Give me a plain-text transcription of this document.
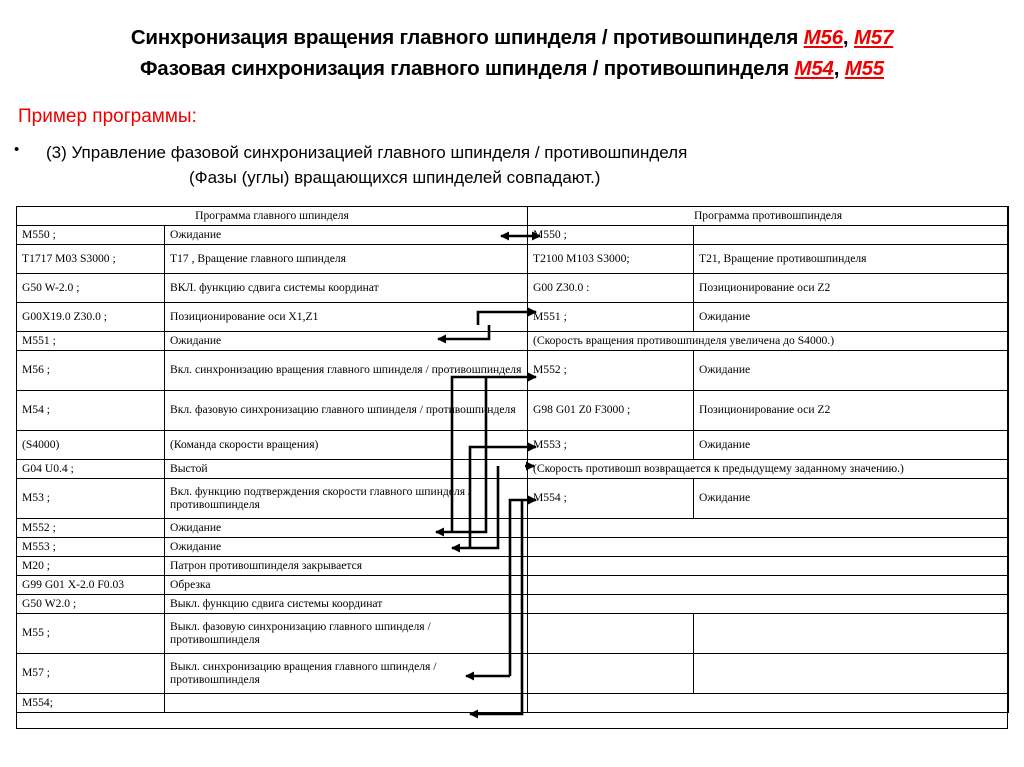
Синхронизация вращения главного шпинделя / противошпинделя M56, M57
Фазовая синхронизация главного шпинделя / противошпинделя M54, M55
Пример программы:
• (3) Управление фазовой синхронизацией главного шпинделя / противошпинделя
(Фазы (углы) вращающихся шпинделей совпадают.)
Программа главного шпинделя		Программа противошпинделя	
M550 ;	Ожидание	M550 ;	
T1717 M03 S3000 ;	T17 , Вращение главного шпинделя	T2100 M103 S3000;	T21, Вращение противошпинделя
G50 W-2.0 ;	ВКЛ. функцию сдвига системы координат	G00 Z30.0 :	Позиционирование оси Z2
G00X19.0 Z30.0 ;	Позиционирование оси X1,Z1	M551 ;	Ожидание
M551 ;	Ожидание	(Скорость вращения противошпинделя увеличена до S4000.)	
M56 ;	Вкл. синхронизацию вращения главного шпинделя / противошпинделя	M552 ;	Ожидание
M54 ;	Вкл. фазовую синхронизацию главного шпинделя / противошпинделя	G98 G01 Z0 F3000 ;	Позиционирование оси Z2
(S4000)	(Команда скорости вращения)	M553 ;	Ожидание
G04 U0.4 ;	Выстой	(Скорость противошп возвращается к предыдущему заданному значению.)	
M53 ;	Вкл. функцию подтверждения скорости главного шпинделя / противошпинделя	M554 ;	Ожидание
M552 ;	Ожидание		
M553 ;	Ожидание		
M20 ;	Патрон противошпинделя закрывается		
G99 G01 X-2.0 F0.03	Обрезка		
G50 W2.0 ;	Выкл. функцию сдвига системы координат		
M55 ;	Выкл. фазовую синхронизацию главного шпинделя / противошпинделя		
M57 ;	Выкл. синхронизацию вращения главного шпинделя / противошпинделя		
M554;			
